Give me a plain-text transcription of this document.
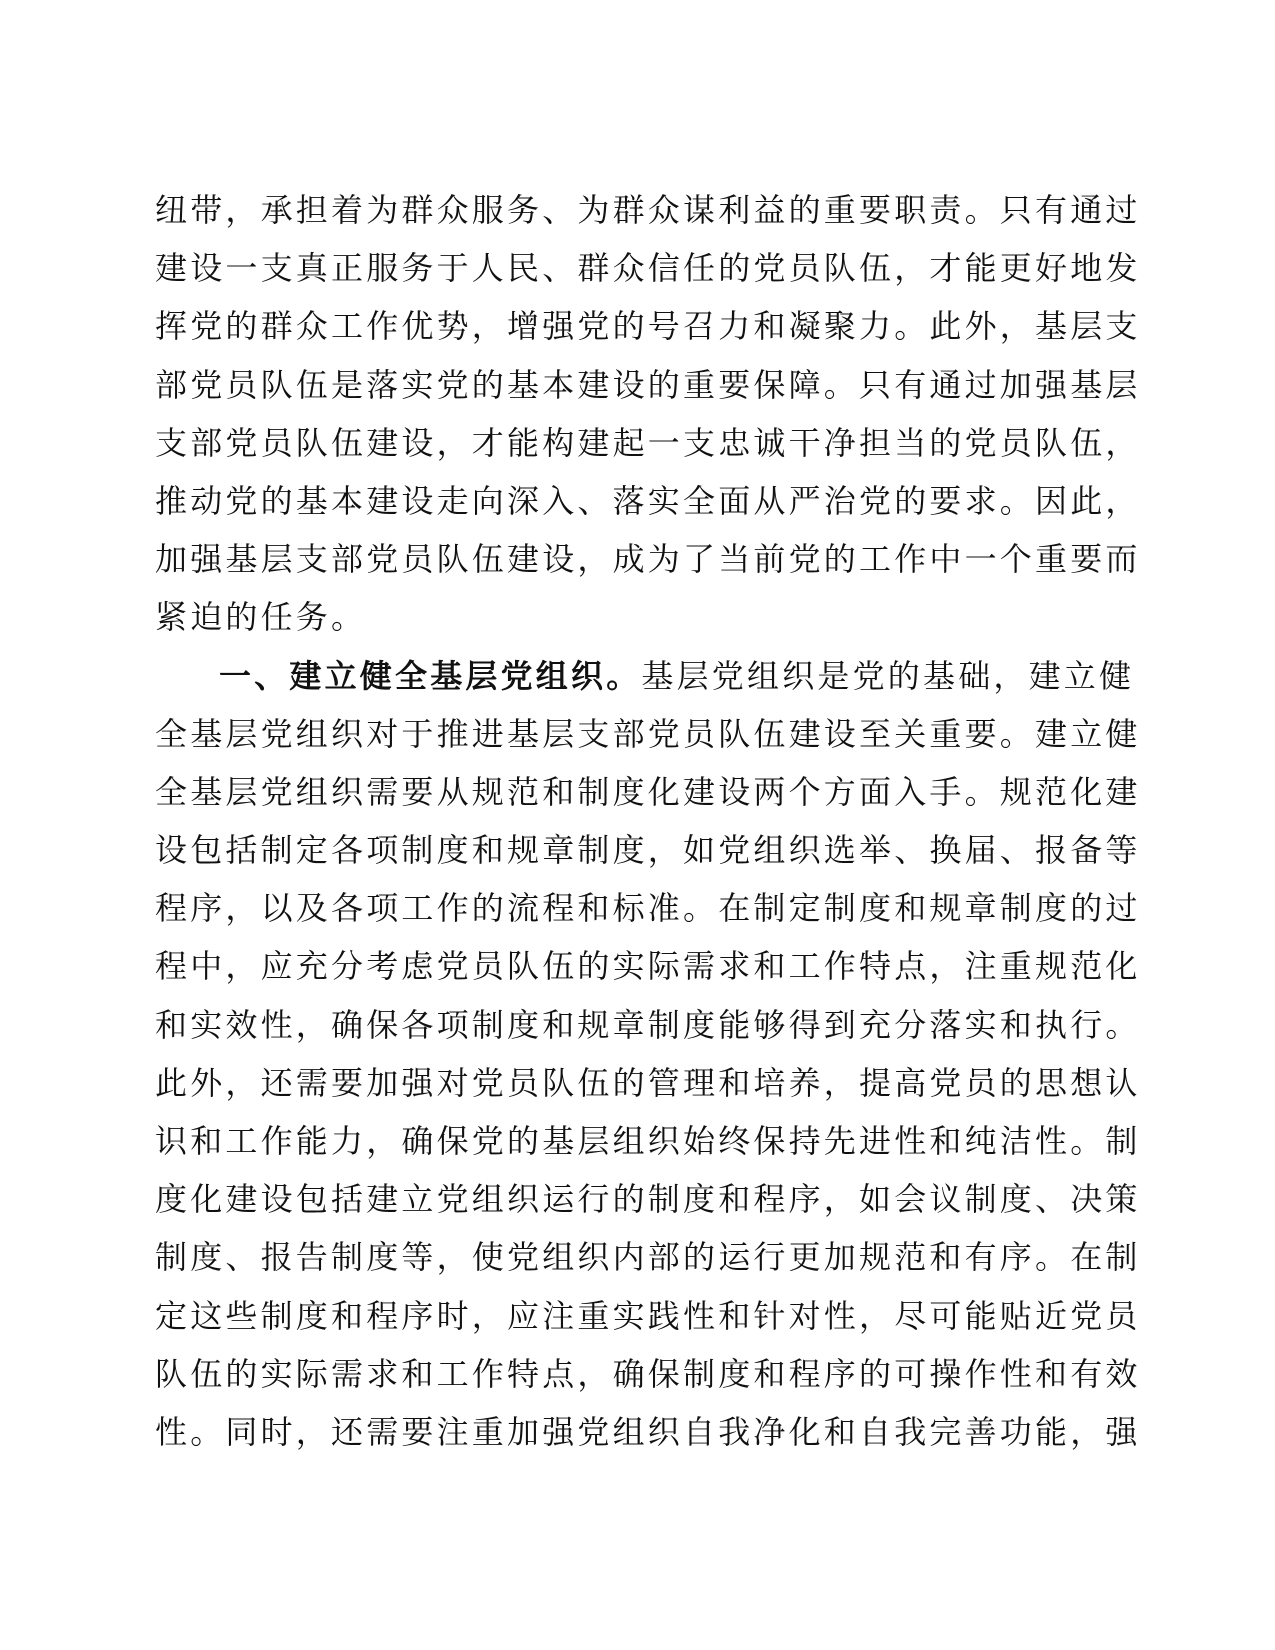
纽带，承担着为群众服务、为群众谋利益的重要职责。只有通过
建设一支真正服务于人民、群众信任的党员队伍，才能更好地发
挥党的群众工作优势，增强党的号召力和凝聚力。此外，基层支
部党员队伍是落实党的基本建设的重要保障。只有通过加强基层
支部党员队伍建设，才能构建起一支忠诚干净担当的党员队伍，
推动党的基本建设走向深入、落实全面从严治党的要求。因此，
加强基层支部党员队伍建设，成为了当前党的工作中一个重要而
紧迫的任务。
一、建立健全基层党组织。基层党组织是党的基础，建立健
全基层党组织对于推进基层支部党员队伍建设至关重要。建立健
全基层党组织需要从规范和制度化建设两个方面入手。规范化建
设包括制定各项制度和规章制度，如党组织选举、换届、报备等
程序，以及各项工作的流程和标准。在制定制度和规章制度的过
程中，应充分考虑党员队伍的实际需求和工作特点，注重规范化
和实效性，确保各项制度和规章制度能够得到充分落实和执行。
此外，还需要加强对党员队伍的管理和培养，提高党员的思想认
识和工作能力，确保党的基层组织始终保持先进性和纯洁性。制
度化建设包括建立党组织运行的制度和程序，如会议制度、决策
制度、报告制度等，使党组织内部的运行更加规范和有序。在制
定这些制度和程序时，应注重实践性和针对性，尽可能贴近党员
队伍的实际需求和工作特点，确保制度和程序的可操作性和有效
性。同时，还需要注重加强党组织自我净化和自我完善功能，强
